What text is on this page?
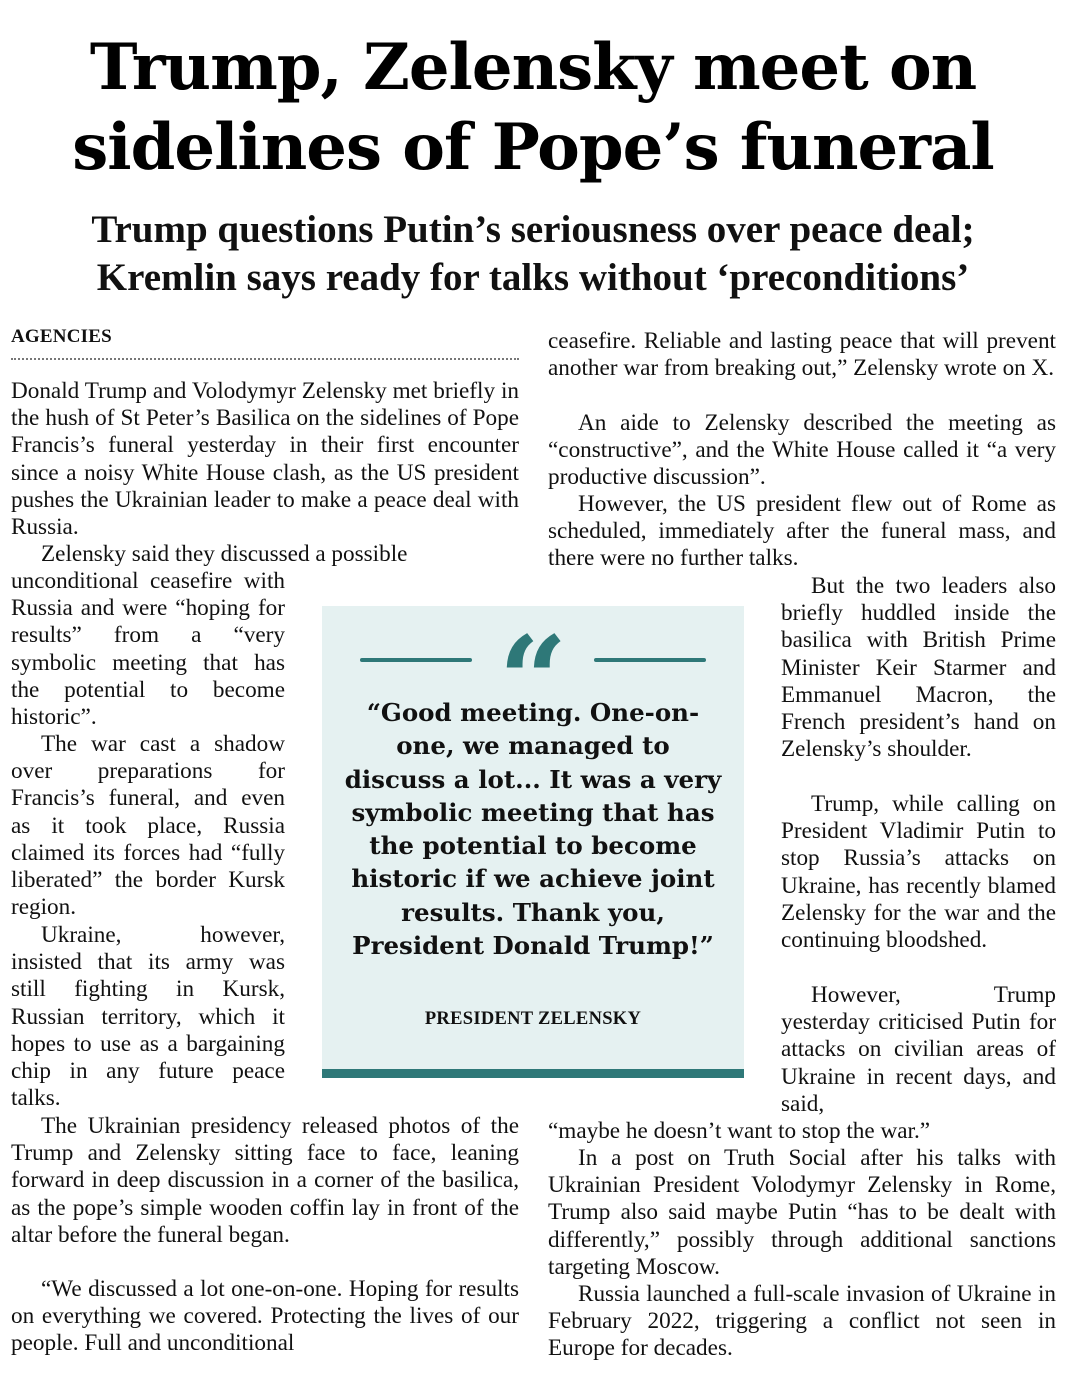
Trump, Zelensky meet on
sidelines of Pope’s funeral
Trump questions Putin’s seriousness over peace deal;
Kremlin says ready for talks without ‘preconditions’
AGENCIES

Donald Trump and Volodymyr Zelensky met briefly in the hush of St Peter’s Basilica on the sidelines of Pope Francis’s funeral yesterday in their first encounter since a noisy White House clash, as the US president pushes the Ukrainian leader to make a peace deal with Russia.

Zelensky said they discussed a possible

unconditional ceasefire with Russia and were “hoping for results” from a “very symbolic meeting that has the potential to become historic”.

The war cast a shadow over preparations for Francis’s funeral, and even as it took place, Russia claimed its forces had “fully liberated” the border Kursk region.

Ukraine, however, insisted that its army was still fighting in Kursk, Russian territory, which it hopes to use as a bargaining chip in any future peace talks.

The Ukrainian presidency released photos of the Trump and Zelensky sitting face to face, leaning forward in deep discussion in a corner of the basilica, as the pope’s simple wooden coffin lay in front of the altar before the funeral began.

“We discussed a lot one-on-one. Hoping for results on everything we covered. Protecting the lives of our people. Full and unconditional

“
“Good meeting. One-on-one, we managed to discuss a lot... It was a very symbolic meeting that has the potential to become historic if we achieve joint results. Thank you, President Donald Trump!”
PRESIDENT ZELENSKY

ceasefire. Reliable and lasting peace that will prevent another war from breaking out,” Zelensky wrote on X.

An aide to Zelensky described the meeting as “constructive”, and the White House called it “a very productive discussion”.

However, the US president flew out of Rome as scheduled, immediately after the funeral mass, and there were no further talks.

But the two leaders also briefly huddled inside the basilica with British Prime Minister Keir Starmer and Emmanuel Macron, the French president’s hand on Zelensky’s shoulder.

Trump, while calling on President Vladimir Putin to stop Russia’s attacks on Ukraine, has recently blamed Zelensky for the war and the continuing bloodshed.

However, Trump yesterday criticised Putin for attacks on civilian areas of Ukraine in recent days, and said,

“maybe he doesn’t want to stop the war.”

In a post on Truth Social after his talks with Ukrainian President Volodymyr Zelensky in Rome, Trump also said maybe Putin “has to be dealt with differently,” possibly through additional sanctions targeting Moscow.

Russia launched a full-scale invasion of Ukraine in February 2022, triggering a conflict not seen in Europe for decades.
